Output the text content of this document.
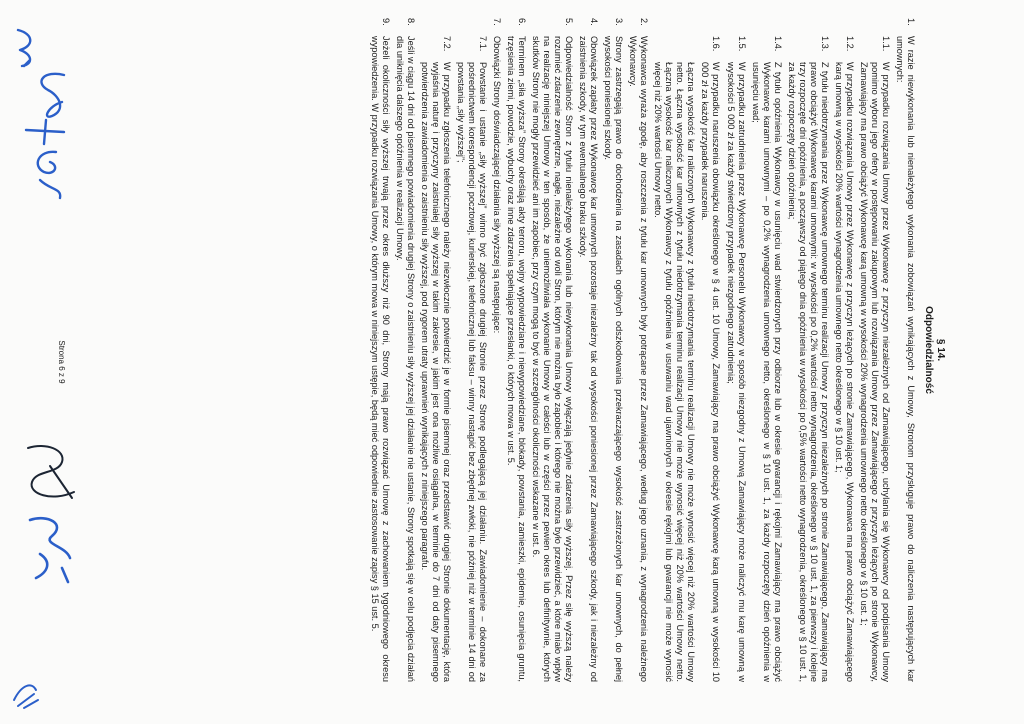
§ 14.

Odpowiedzialność

1.
W razie niewykonania lub nienależytego wykonania zobowiązań wynikających z Umowy, Stronom przysługuje prawo do naliczenia następujących kar umownych:
1.1.
W przypadku rozwiązania Umowy przez Wykonawcę z przyczyn niezależnych od Zamawiającego, uchylania się Wykonawcy od podpisania Umowy pomimo wyboru jego oferty w postępowaniu zakupowym lub rozwiązania Umowy przez Zamawiającego z przyczyn leżących po stronie Wykonawcy, Zamawiający ma prawo obciążyć Wykonawcę karą umowną w wysokości 20% wynagrodzenia umownego netto określonego w § 10 ust. 1;
1.2.
W przypadku rozwiązania Umowy przez Wykonawcę z przyczyn leżących po stronie Zamawiającego, Wykonawca ma prawo obciążyć Zamawiającego karą umowną w wysokości 20% wartości wynagrodzenia umownego netto określonego w § 10 ust. 1;
1.3.
Z tytułu niedotrzymania przez Wykonawcę umownego terminu realizacji Umowy z przyczyn niezależnych po stronie Zamawiającego, Zamawiający ma prawo obciążyć Wykonawcę karami umownymi: w wysokości po 0,2% wartości netto wynagrodzenia, określonego w § 10 ust. 1, za pierwszy i kolejne trzy rozpoczęte dni opóźnienia, a począwszy od piątego dnia opóźnienia w wysokości po 0,5% wartości netto wynagrodzenia, określonego w § 10 ust. 1, za każdy rozpoczęty dzień opóźnienia;
1.4.
Z tytułu opóźnienia Wykonawcy w usunięciu wad stwierdzonych przy odbiorze lub w okresie gwarancji i rękojmi Zamawiający ma prawo obciążyć Wykonawcę karami umownymi – po 0,2% wynagrodzenia umownego netto, określonego w § 10 ust. 1, za każdy rozpoczęty dzień opóźnienia w usunięciu wad;
1.5.
W przypadku zatrudnienia przez Wykonawcę Personelu Wykonawcy w sposób niezgodny z Umową Zamawiający może naliczyć mu karę umowną w wysokości 5 000 zł za każdy stwierdzony przypadek niezgodnego zatrudnienia;
1.6.
W przypadku naruszenia obowiązku określonego w § 4 ust. 10 Umowy, Zamawiający ma prawo obciążyć Wykonawcę karą umowną w wysokości 10 000 zł za każdy przypadek naruszenia.

Łączna wysokość kar naliczonych Wykonawcy z tytułu niedotrzymania terminu realizacji Umowy nie może wynosić więcej niż 20% wartości Umowy netto. Łączna wysokość kar umownych z tytułu niedotrzymania terminu realizacji Umowy nie może wynosić więcej niż 20% wartości Umowy netto. Łączna wysokość kar naliczonych Wykonawcy z tytułu opóźnienia w usuwaniu wad ujawnionych w okresie rękojmi lub gwarancji nie może wynosić więcej niż 20% wartości Umowy netto.

2.
Wykonawca wyraża zgodę, aby roszczenia z tytułu kar umownych były potrącane przez Zamawiającego, według jego uznania, z wynagrodzenia należnego Wykonawcy.
3.
Strony zastrzegają prawo do dochodzenia na zasadach ogólnych odszkodowania przekraczającego wysokość zastrzeżonych kar umownych, do pełnej wysokości poniesionej szkody.
4.
Obowiązek zapłaty przez Wykonawcę kar umownych pozostaje niezależny tak od wysokości poniesionej przez Zamawiającego szkody, jak i niezależny od zaistnienia szkody, w tym ewentualnego braku szkody.
5.
Odpowiedzialność Stron z tytułu nienależytego wykonania lub niewykonania Umowy wyłączają jedynie zdarzenia siły wyższej. Przez siłę wyższą należy rozumieć zdarzenie zewnętrzne, nagłe, niezależne od woli Stron, którym nie można było zapobiec i którego nie można było przewidzieć, a które miało wpływ na realizację niniejszej Umowy w ten sposób, że uniemożliwiała wykonanie Umowy w całości lub w części przez pewien okres lub definitywnie, których skutków Strony nie mogły przewidzieć ani im zapobiec, przy czym mogą to być w szczególności okoliczności wskazane w ust. 6.
6.
Terminem „siła wyższa” Strony określają akty terroru, wojny wypowiedziane i niewypowiedziane, blokady, powstania, zamieszki, epidemie, osunięcia gruntu, trzęsienia ziemi, powodzie, wybuchy oraz inne zdarzenia spełniające przesłanki, o których mowa w ust. 5.
7.
Obowiązki Strony doświadczającej działania siły wyższej są następujące:
7.1.
Powstanie i ustanie „siły wyższej” winno być zgłoszone drugiej Stronie przez Stronę podlegającą jej działaniu. Zawiadomienie – dokonane za pośrednictwem korespondencji pocztowej, kurierskiej, telefonicznej lub faksu – winny nastąpić bez zbędnej zwłoki, nie później niż w terminie 14 dni od powstania „siły wyższej”;
7.2.
W przypadku zgłoszenia telefonicznego należy niezwłocznie potwierdzić je w formie pisemnej oraz przedstawić drugiej Stronie dokumentację, która wyjaśnia naturę i przyczyny zaistniałej siły wyższej w takim zakresie, w jakim jest ona możliwe osiągalna, w terminie do 7 dni od daty pisemnego potwierdzenia zawiadomienia o zaistnieniu siły wyższej, pod rygorem utraty uprawnień wynikających z niniejszego paragrafu.
8.
Jeśli w ciągu 14 dni od pisemnego powiadomienia drugiej Strony o zaistnieniu siły wyższej jej działanie nie ustanie, Strony spotkają się w celu podjęcia działań dla uniknięcia dalszego opóźnienia w realizacji Umowy.
9.
Jeżeli okoliczności siły wyższej trwają przez okres dłuższy niż 90 dni, Strony mają prawo rozwiązać Umowę z zachowaniem tygodniowego okresu wypowiedzenia. W przypadku rozwiązania Umowy, o którym mowa w niniejszym ustępie, będą mieć odpowiednie zastosowanie zapisy § 15 ust. 5.
Strona 6 z 9
